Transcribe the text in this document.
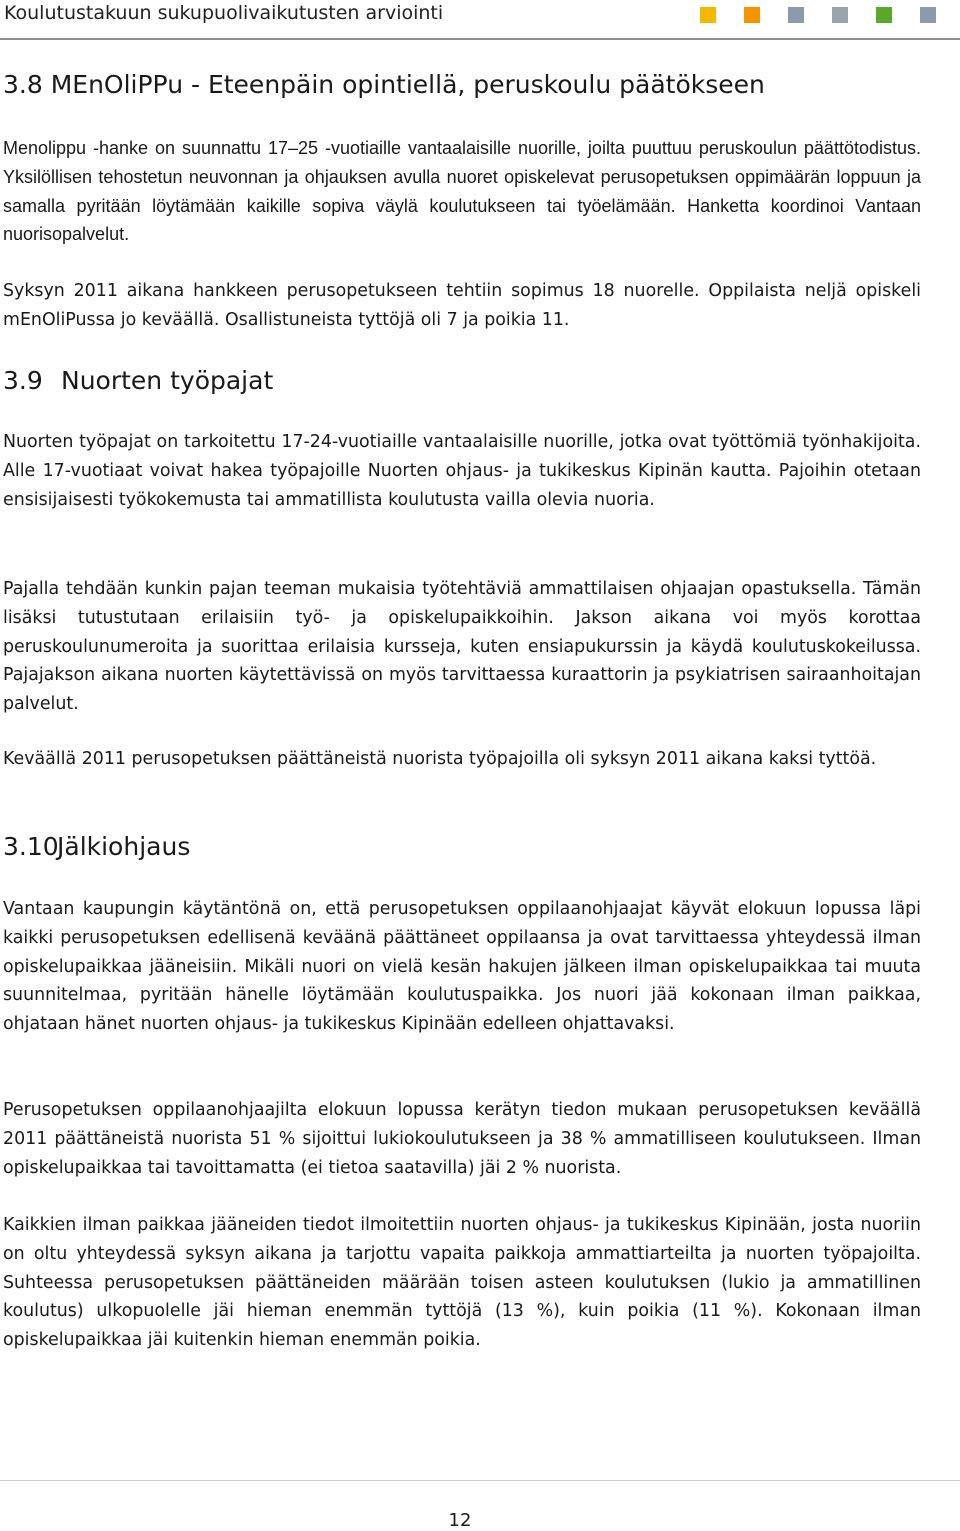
Koulutustakuun sukupuolivaikutusten arviointi
3.8 MEnOliPPu - Eteenpäin opintiellä, peruskoulu päätökseen

Menolippu -hanke on suunnattu 17–25 -vuotiaille vantaalaisille nuorille, joilta puuttuu peruskoulun päättötodistus. Yksilöllisen tehostetun neuvonnan ja ohjauksen avulla nuoret opiskelevat perusopetuksen oppimäärän loppuun ja samalla pyritään löytämään kaikille sopiva väylä koulutukseen tai työelämään. Hanketta koordinoi Vantaan nuorisopalvelut.

Syksyn 2011 aikana hankkeen perusopetukseen tehtiin sopimus 18 nuorelle. Oppilaista neljä opiskeli mEnOliPussa jo keväällä. Osallistuneista tyttöjä oli 7 ja poikia 11.

3.9 Nuorten työpajat

Nuorten työpajat on tarkoitettu 17-24-vuotiaille vantaalaisille nuorille, jotka ovat työttömiä työnhakijoita. Alle 17-vuotiaat voivat hakea työpajoille Nuorten ohjaus- ja tukikeskus Kipinän kautta. Pajoihin otetaan ensisijaisesti työkokemusta tai ammatillista koulutusta vailla olevia nuoria.

Pajalla tehdään kunkin pajan teeman mukaisia työtehtäviä ammattilaisen ohjaajan opastuksella. Tämän lisäksi tutustutaan erilaisiin työ- ja opiskelupaikkoihin. Jakson aikana voi myös korottaa peruskoulunumeroita ja suorittaa erilaisia kursseja, kuten ensiapukurssin ja käydä koulutuskokeilussa. Pajajakson aikana nuorten käytettävissä on myös tarvittaessa kuraattorin ja psykiatrisen sairaanhoitajan palvelut.

Keväällä 2011 perusopetuksen päättäneistä nuorista työpajoilla oli syksyn 2011 aikana kaksi tyttöä.

3.10Jälkiohjaus

Vantaan kaupungin käytäntönä on, että perusopetuksen oppilaanohjaajat käyvät elokuun lopussa läpi kaikki perusopetuksen edellisenä keväänä päättäneet oppilaansa ja ovat tarvittaessa yhteydessä ilman opiskelupaikkaa jääneisiin. Mikäli nuori on vielä kesän hakujen jälkeen ilman opiskelupaikkaa tai muuta suunnitelmaa, pyritään hänelle löytämään koulutuspaikka. Jos nuori jää kokonaan ilman paikkaa, ohjataan hänet nuorten ohjaus- ja tukikeskus Kipinään edelleen ohjattavaksi.

Perusopetuksen oppilaanohjaajilta elokuun lopussa kerätyn tiedon mukaan perusopetuksen keväällä 2011 päättäneistä nuorista 51 % sijoittui lukiokoulutukseen ja 38 % ammatilliseen koulutukseen. Ilman opiskelupaikkaa tai tavoittamatta (ei tietoa saatavilla) jäi 2 % nuorista.

Kaikkien ilman paikkaa jääneiden tiedot ilmoitettiin nuorten ohjaus- ja tukikeskus Kipinään, josta nuoriin on oltu yhteydessä syksyn aikana ja tarjottu vapaita paikkoja ammattiarteilta ja nuorten työpajoilta. Suhteessa perusopetuksen päättäneiden määrään toisen asteen koulutuksen (lukio ja ammatillinen koulutus) ulkopuolelle jäi hieman enemmän tyttöjä (13 %), kuin poikia (11 %). Kokonaan ilman opiskelupaikkaa jäi kuitenkin hieman enemmän poikia.

12
